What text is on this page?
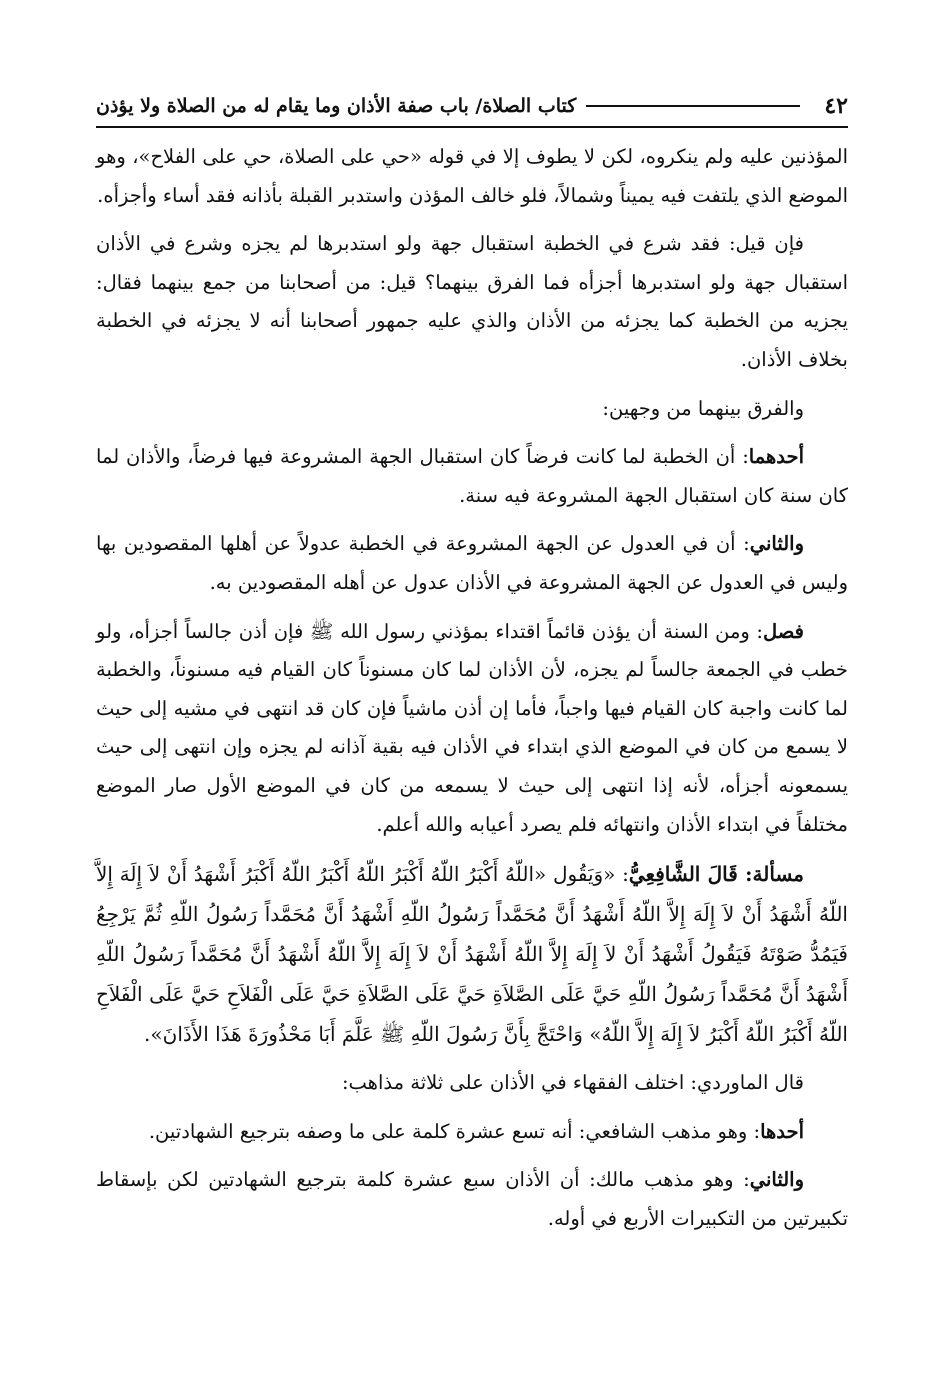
٤٢
كتاب الصلاة/ باب صفة الأذان وما يقام له من الصلاة ولا يؤذن

المؤذنين عليه ولم ينكروه، لكن لا يطوف إلا في قوله «حي على الصلاة، حي على الفلاح»، وهو الموضع الذي يلتفت فيه يميناً وشمالاً، فلو خالف المؤذن واستدبر القبلة بأذانه فقد أساء وأجزأه.

فإن قيل: فقد شرع في الخطبة استقبال جهة ولو استدبرها لم يجزه وشرع في الأذان استقبال جهة ولو استدبرها أجزأه فما الفرق بينهما؟ قيل: من أصحابنا من جمع بينهما فقال: يجزيه من الخطبة كما يجزئه من الأذان والذي عليه جمهور أصحابنا أنه لا يجزئه في الخطبة بخلاف الأذان.

والفرق بينهما من وجهين:

أحدهما: أن الخطبة لما كانت فرضاً كان استقبال الجهة المشروعة فيها فرضاً، والأذان لما كان سنة كان استقبال الجهة المشروعة فيه سنة.

والثاني: أن في العدول عن الجهة المشروعة في الخطبة عدولاً عن أهلها المقصودين بها وليس في العدول عن الجهة المشروعة في الأذان عدول عن أهله المقصودين به.

فصل: ومن السنة أن يؤذن قائماً اقتداء بمؤذني رسول الله ﷺ فإن أذن جالساً أجزأه، ولو خطب في الجمعة جالساً لم يجزه، لأن الأذان لما كان مسنوناً كان القيام فيه مسنوناً، والخطبة لما كانت واجبة كان القيام فيها واجباً، فأما إن أذن ماشياً فإن كان قد انتهى في مشيه إلى حيث لا يسمع من كان في الموضع الذي ابتداء في الأذان فيه بقية آذانه لم يجزه وإن انتهى إلى حيث يسمعونه أجزأه، لأنه إذا انتهى إلى حيث لا يسمعه من كان في الموضع الأول صار الموضع مختلفاً في ابتداء الأذان وانتهائه فلم يصرد أعيابه والله أعلم.

مسألة: قَالَ الشَّافِعِيُّ: «وَيَقُول «اللّهُ أَكْبَرُ اللّهُ أَكْبَرُ اللّهُ أَكْبَرُ اللّهُ أَكْبَرُ أَشْهَدُ أَنْ لاَ إِلَهَ إِلاَّ اللّهُ أَشْهَدُ أَنْ لاَ إِلَهَ إِلاَّ اللّهُ أَشْهَدُ أَنَّ مُحَمَّداً رَسُولُ اللّهِ أَشْهَدُ أَنَّ مُحَمَّداً رَسُولُ اللّهِ ثُمَّ يَرْجِعُ فَيَمُدُّ صَوْتَهُ فَيَقُولُ أَشْهَدُ أَنْ لاَ إِلَهَ إِلاَّ اللّهُ أَشْهَدُ أَنْ لاَ إِلَهَ إِلاَّ اللّهُ أَشْهَدُ أَنَّ مُحَمَّداً رَسُولُ اللّهِ أَشْهَدُ أَنَّ مُحَمَّداً رَسُولُ اللّهِ حَيَّ عَلَى الصَّلاَةِ حَيَّ عَلَى الصَّلاَةِ حَيَّ عَلَى الْفَلاَحِ حَيَّ عَلَى الْفَلاَحِ اللّهُ أَكْبَرُ اللّهُ أَكْبَرُ لاَ إِلَهَ إِلاَّ اللّهُ» وَاحْتَجَّ بِأَنَّ رَسُولَ اللّهِ ﷺ عَلَّمَ أَبَا مَحْذُورَةَ هَذَا الأَذَانَ».

قال الماوردي: اختلف الفقهاء في الأذان على ثلاثة مذاهب:

أحدها: وهو مذهب الشافعي: أنه تسع عشرة كلمة على ما وصفه بترجيع الشهادتين.

والثاني: وهو مذهب مالك: أن الأذان سبع عشرة كلمة بترجيع الشهادتين لكن بإسقاط تكبيرتين من التكبيرات الأربع في أوله.
